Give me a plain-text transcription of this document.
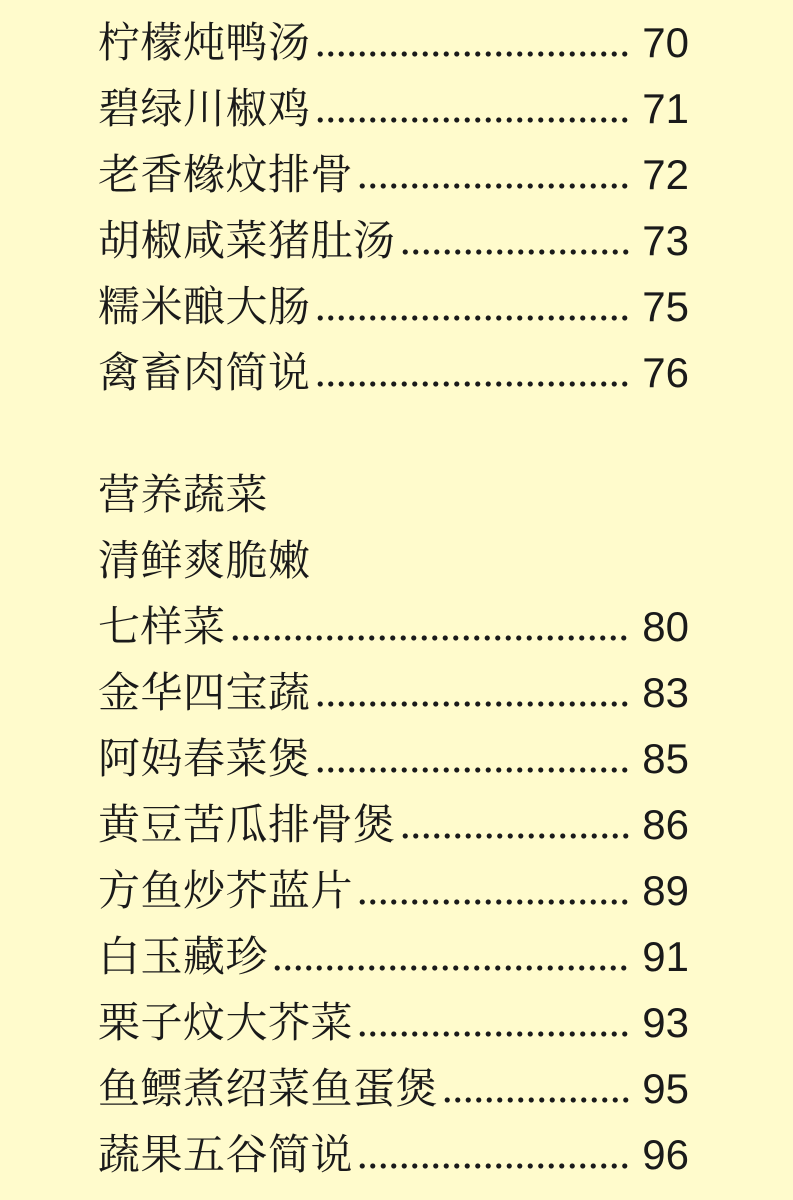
柠檬炖鸭汤	70
碧绿川椒鸡	71
老香橼炆排骨	72
胡椒咸菜猪肚汤	73
糯米酿大肠	75
禽畜肉简说	76
营养蔬菜
清鲜爽脆嫩
七样菜	80
金华四宝蔬	83
阿妈春菜煲	85
黄豆苦瓜排骨煲	86
方鱼炒芥蓝片	89
白玉藏珍	91
栗子炆大芥菜	93
鱼鳔煮绍菜鱼蛋煲	95
蔬果五谷简说	96
